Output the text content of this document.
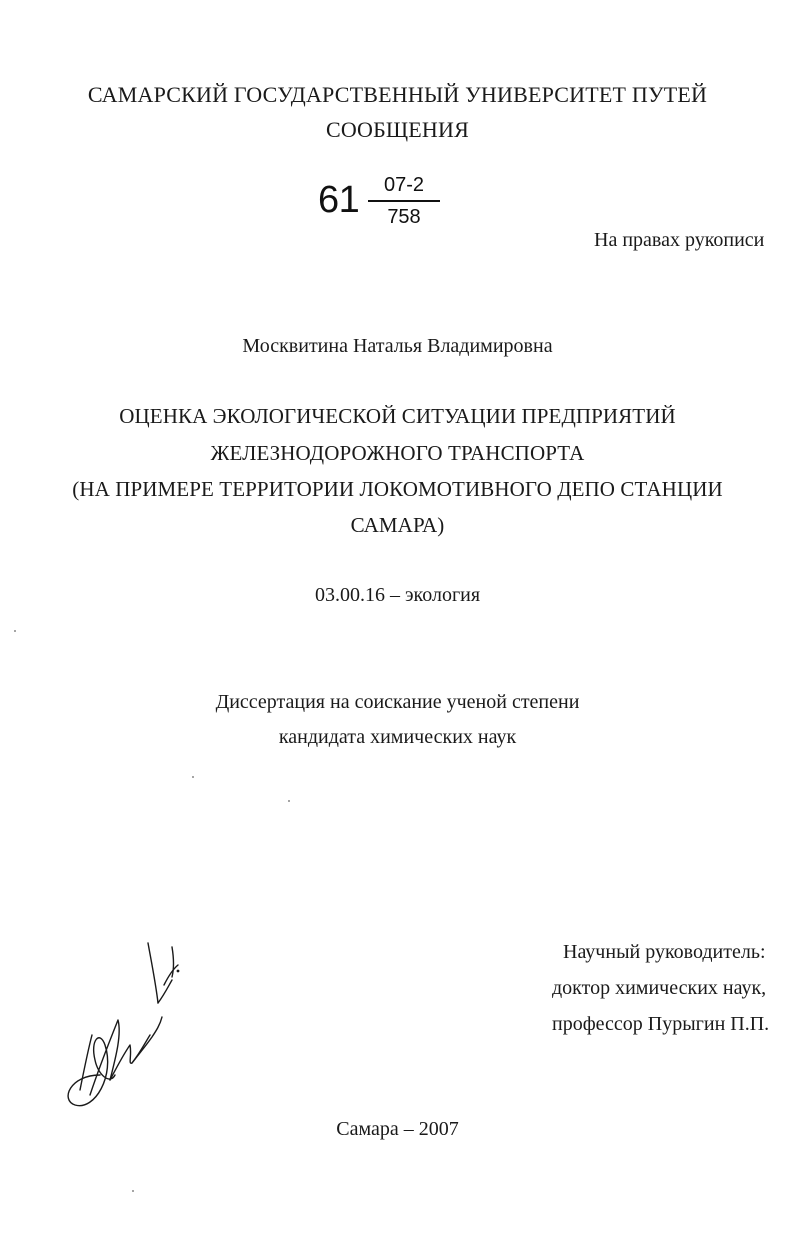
САМАРСКИЙ ГОСУДАРСТВЕННЫЙ УНИВЕРСИТЕТ ПУТЕЙ
СООБЩЕНИЯ
61	07-2
758
На правах рукописи
Москвитина Наталья Владимировна
ОЦЕНКА ЭКОЛОГИЧЕСКОЙ СИТУАЦИИ ПРЕДПРИЯТИЙ
ЖЕЛЕЗНОДОРОЖНОГО ТРАНСПОРТА
(НА ПРИМЕРЕ ТЕРРИТОРИИ ЛОКОМОТИВНОГО ДЕПО СТАНЦИИ
САМАРА)
03.00.16 – экология
Диссертация на соискание ученой степени
кандидата химических наук
Научный руководитель:
доктор химических наук,
профессор Пурыгин П.П.
Самара – 2007
